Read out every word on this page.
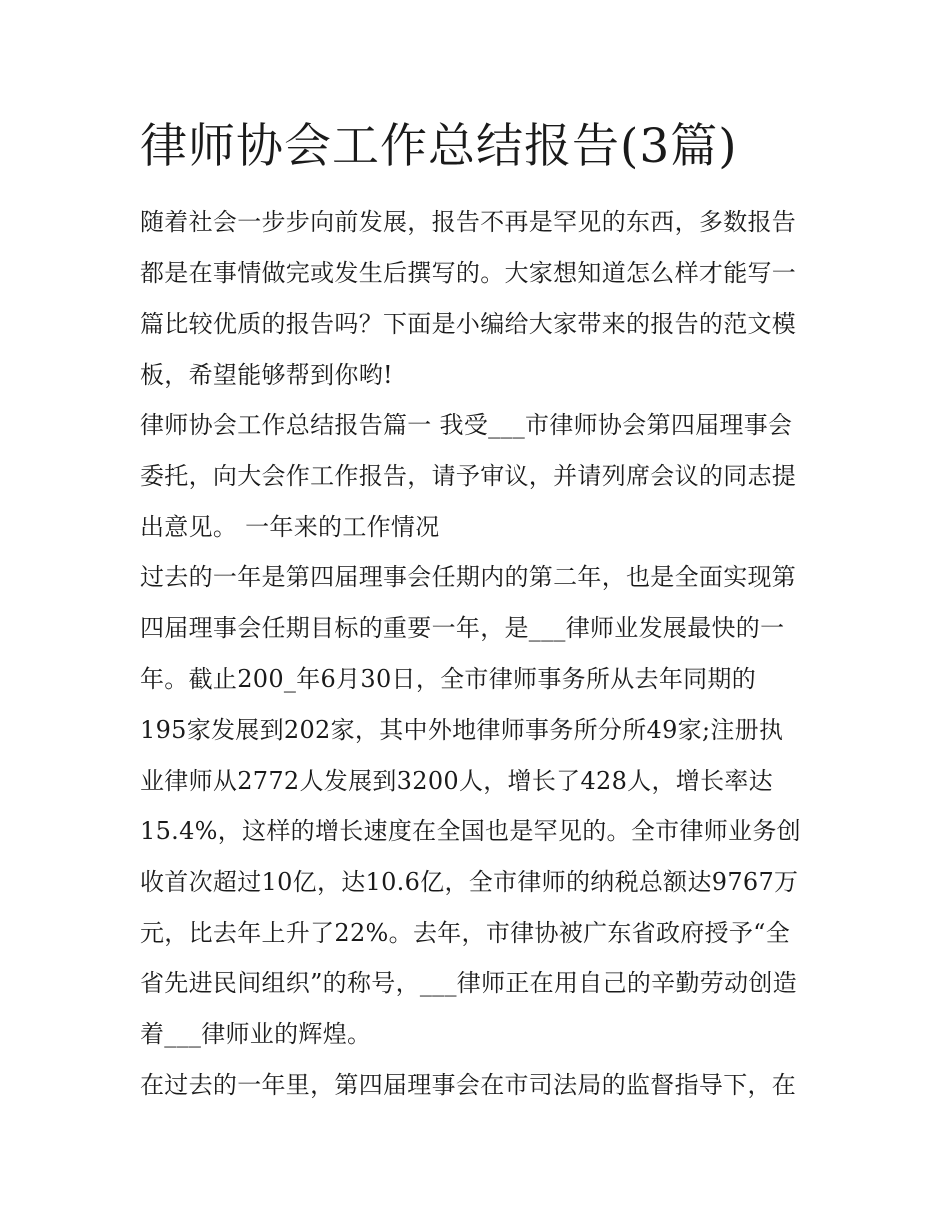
律师协会工作总结报告(3篇)

随着社会一步步向前发展，报告不再是罕见的东西，多数报告

都是在事情做完或发生后撰写的。大家想知道怎么样才能写一

篇比较优质的报告吗？下面是小编给大家带来的报告的范文模

板，希望能够帮到你哟!

律师协会工作总结报告篇一 我受___市律师协会第四届理事会

委托，向大会作工作报告，请予审议，并请列席会议的同志提

出意见。 一年来的工作情况

过去的一年是第四届理事会任期内的第二年，也是全面实现第

四届理事会任期目标的重要一年，是___律师业发展最快的一

年。截止200_年6月30日，全市律师事务所从去年同期的

195家发展到202家，其中外地律师事务所分所49家;注册执

业律师从2772人发展到3200人，增长了428人，增长率达

15.4%，这样的增长速度在全国也是罕见的。全市律师业务创

收首次超过10亿，达10.6亿，全市律师的纳税总额达9767万

元，比去年上升了22%。去年，市律协被广东省政府授予“全

省先进民间组织”的称号，___律师正在用自己的辛勤劳动创造

着___律师业的辉煌。

在过去的一年里，第四届理事会在市司法局的监督指导下，在
